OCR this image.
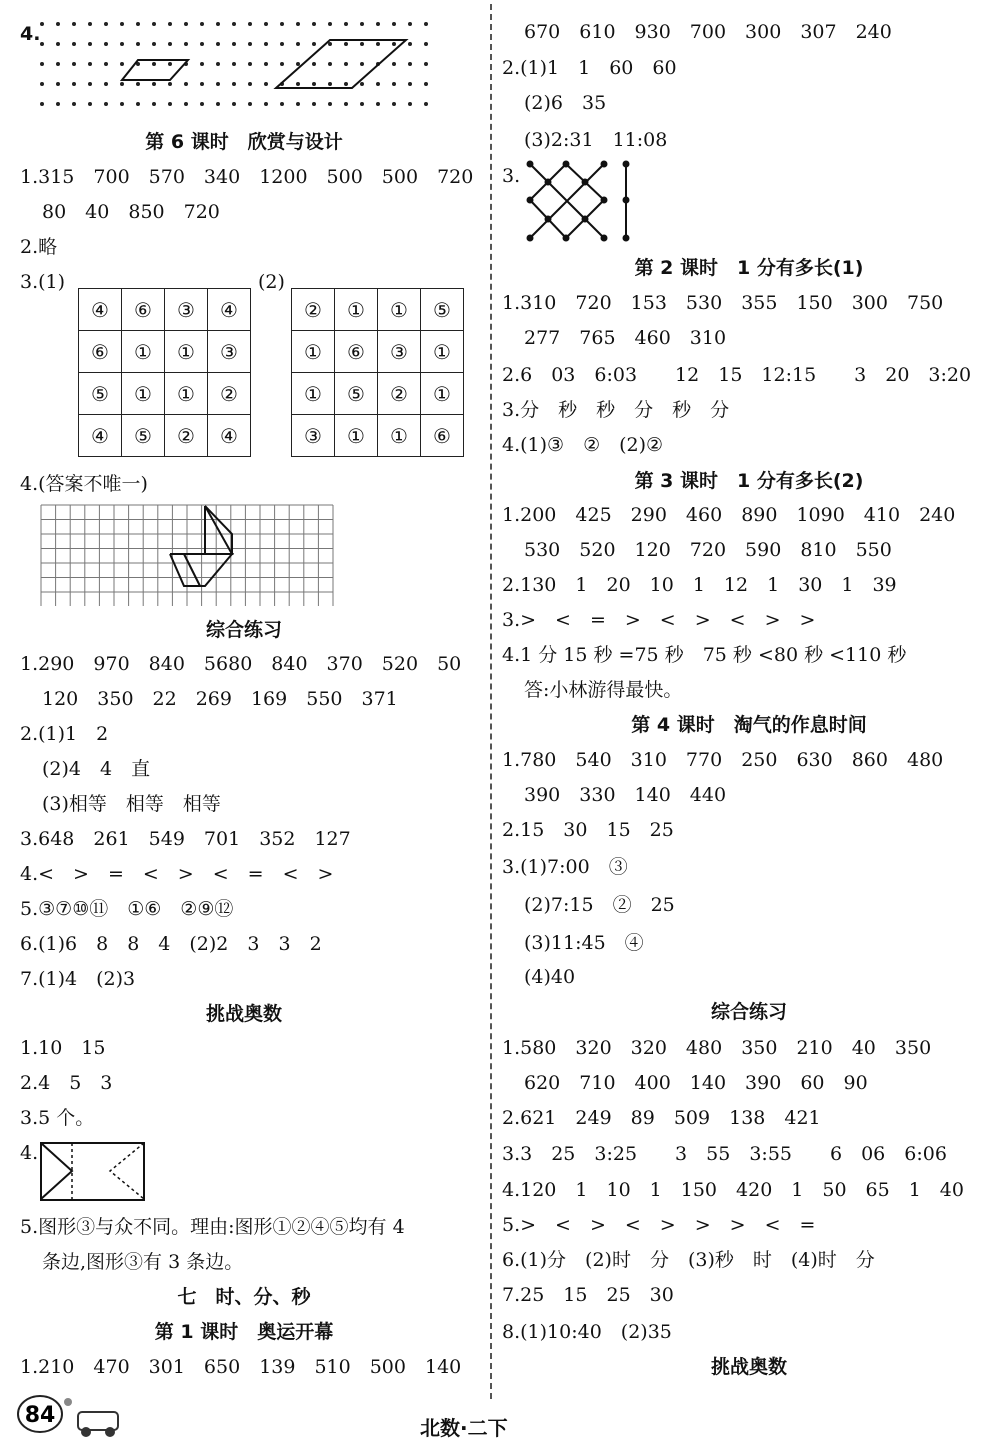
4.
第 6 课时　欣赏与设计
1.315　700　570　340　1200　500　500　720
80　40　850　720
2.略
3.(1)	(2)
④	⑥	③	④
⑥	①	①	③
⑤	①	①	②
④	⑤	②	④
②	①	①	⑤
①	⑥	③	①
①	⑤	②	①
③	①	①	⑥
4.(答案不唯一)
综合练习
1.290　970　840　5680　840　370　520　50
120　350　22　269　169　550　371
2.(1)1　2
(2)4　4　直
(3)相等　相等　相等
3.648　261　549　701　352　127
4.<　>　=　<　>　<　=　<　>
5.③⑦⑩⑪　①⑥　②⑨⑫
6.(1)6　8　8　4　(2)2　3　3　2
7.(1)4　(2)3
挑战奥数
1.10　15
2.4　5　3
3.5 个。
4.
5.图形③与众不同。理由:图形①②④⑤均有 4
条边,图形③有 3 条边。
七　时、分、秒
第 1 课时　奥运开幕
1.210　470　301　650　139　510　500　140
670　610　930　700　300　307　240
2.(1)1　1　60　60
(2)6　35
(3)2:31　11:08
3.
第 2 课时　1 分有多长(1)
1.310　720　153　530　355　150　300　750
277　765　460　310
2.6　03　6:03　　12　15　12:15　　3　20　3:20
3.分　秒　秒　分　秒　分
4.(1)③　②　(2)②
第 3 课时　1 分有多长(2)
1.200　425　290　460　890　1090　410　240
530　520　120　720　590　810　550
2.130　1　20　10　1　12　1　30　1　39
3.>　<　=　>　<　>　<　>　>
4.1 分 15 秒 =75 秒　75 秒 <80 秒 <110 秒
答:小林游得最快。
第 4 课时　淘气的作息时间
1.780　540　310　770　250　630　860　480
390　330　140　440
2.15　30　15　25
3.(1)7:00　③
(2)7:15　②　25
(3)11:45　④
(4)40
综合练习
1.580　320　320　480　350　210　40　350
620　710　400　140　390　60　90
2.621　249　89　509　138　421
3.3　25　3:25　　3　55　3:55　　6　06　6:06
4.120　1　10　1　150　420　1　50　65　1　40
5.>　<　>　<　>　>　>　<　=
6.(1)分　(2)时　分　(3)秒　时　(4)时　分
7.25　15　25　30
8.(1)10:40　(2)35
挑战奥数
84	北数·二下
